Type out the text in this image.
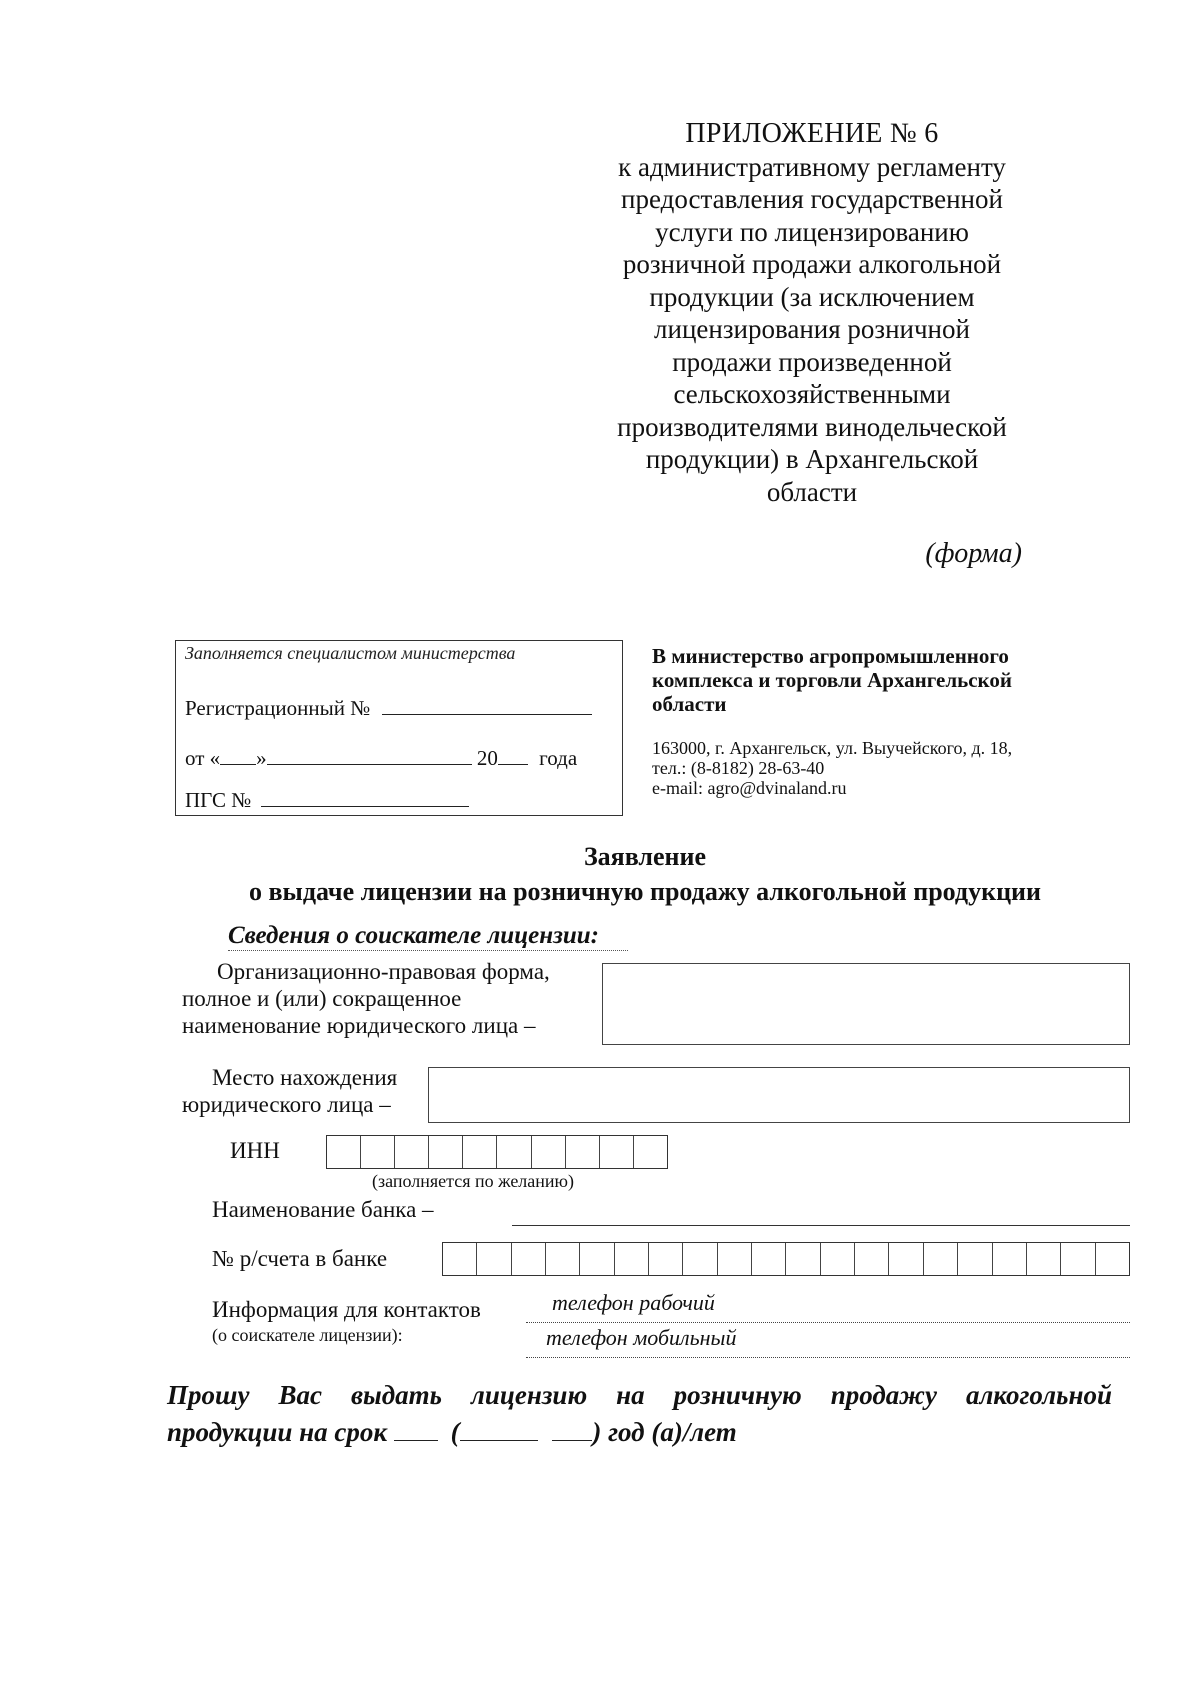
ПРИЛОЖЕНИЕ № 6
к административному регламенту
предоставления государственной
услуги по лицензированию
розничной продажи алкогольной
продукции (за исключением
лицензирования розничной
продажи произведенной
сельскохозяйственными
производителями винодельческой
продукции) в Архангельской
области
(форма)
Заполняется специалистом министерства
Регистрационный №
от « »	20 года
ПГС №
В министерство агропромышленного
комплекса и торговли Архангельской
области
163000, г. Архангельск, ул. Выучейского, д. 18,
тел.: (8-8182) 28-63-40
e-mail: agro@dvinaland.ru
Заявление
о выдаче лицензии на розничную продажу алкогольной продукции
Сведения о соискателе лицензии:
Организационно-правовая форма,
полное и (или) сокращенное
наименование юридического лица –
Место нахождения
юридического лица –
ИНН
(заполняется по желанию)
Наименование банка –
№ р/счета в банке
Информация для контактов
(о соискателе лицензии):
телефон рабочий
телефон мобильный
Прошу Вас выдать лицензию на розничную продажу алкогольной
продукции на срок (	) год (а)/лет
